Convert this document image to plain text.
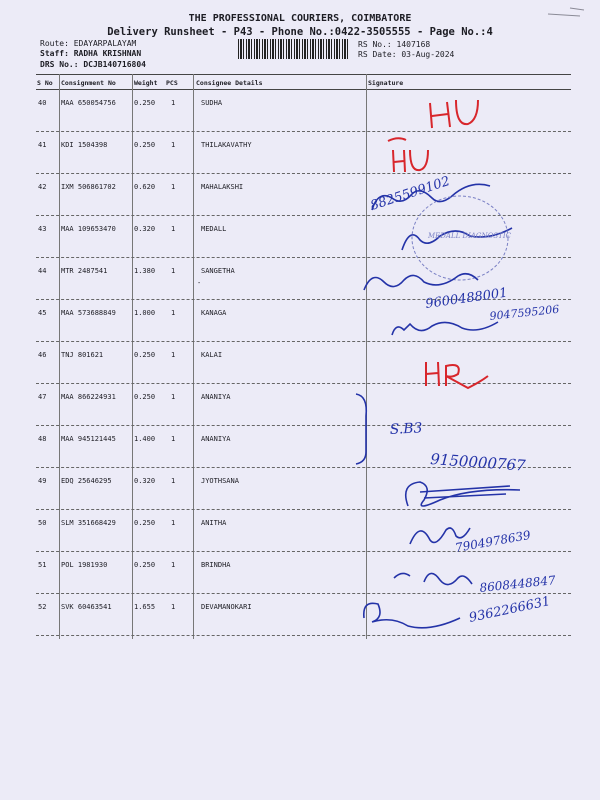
THE PROFESSIONAL COURIERS, COIMBATORE
Delivery Runsheet - P43 - Phone No.:0422-3505555 - Page No.:4
Route: EDAYARPALAYAM
Staff: RADHA KRISHNAN
DRS No.: DCJB140716804
RS No.: 1407168
RS Date: 03-Aug-2024
S No Consignment No	Weight PCS	Consignee Details	Signature
40 MAA 650054756	0.250 1	SUDHA
41 KDI 1504398	0.250 1	THILAKAVATHY
42 IXM 506861702	0.620 1	MAHALAKSHI
43 MAA 109653470	0.320 1	MEDALL
44 MTR 2487541	1.380 1	SANGETHA
-
45 MAA 573688849	1.000 1	KANAGA
46 TNJ 801621	0.250 1	KALAI
47 MAA 866224931	0.250 1	ANANIYA
48 MAA 945121445	1.400 1	ANANIYA
49 EDQ 25646295	0.320 1	JYOTHSANA
50 SLM 351668429	0.250 1	ANITHA
51 POL 1981930	0.250 1	BRINDHA
52 SVK 60463541	1.655 1	DEVAMANOKARI
HU
HU
HR
8825599102
MEDALL DIAGNOSTIC
9600488001
9047595206
S.B3
9150000767
7904978639
8608448847
9362266631
